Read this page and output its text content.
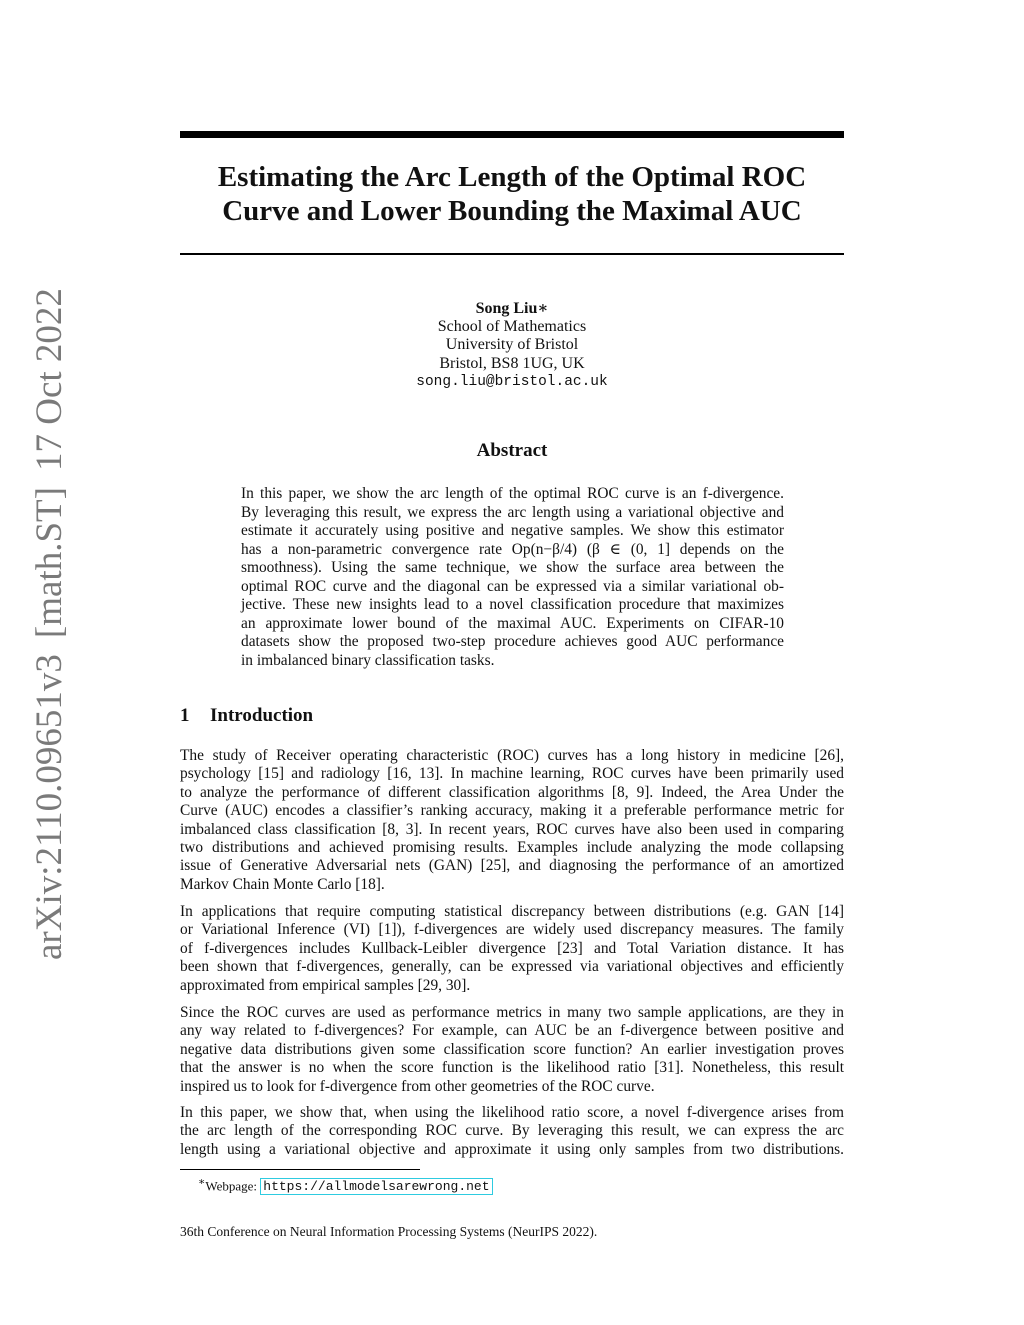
arXiv:2110.09651v3[math.ST]17 Oct 2022
Estimating the Arc Length of the Optimal ROC
Curve and Lower Bounding the Maximal AUC
Song Liu∗
School of Mathematics
University of Bristol
Bristol, BS8 1UG, UK
song.liu@bristol.ac.uk
Abstract
In this paper, we show the arc length of the optimal ROC curve is an f-divergence.
By leveraging this result, we express the arc length using a variational objective and
estimate it accurately using positive and negative samples. We show this estimator
has a non-parametric convergence rate Op(n−β/4) (β ∈ (0, 1] depends on the
smoothness). Using the same technique, we show the surface area between the
optimal ROC curve and the diagonal can be expressed via a similar variational ob-
jective. These new insights lead to a novel classification procedure that maximizes
an approximate lower bound of the maximal AUC. Experiments on CIFAR-10
datasets show the proposed two-step procedure achieves good AUC performance
in imbalanced binary classification tasks.
1 Introduction
The study of Receiver operating characteristic (ROC) curves has a long history in medicine [26],
psychology [15] and radiology [16, 13]. In machine learning, ROC curves have been primarily used
to analyze the performance of different classification algorithms [8, 9]. Indeed, the Area Under the
Curve (AUC) encodes a classifier’s ranking accuracy, making it a preferable performance metric for
imbalanced class classification [8, 3]. In recent years, ROC curves have also been used in comparing
two distributions and achieved promising results. Examples include analyzing the mode collapsing
issue of Generative Adversarial nets (GAN) [25], and diagnosing the performance of an amortized
Markov Chain Monte Carlo [18].
In applications that require computing statistical discrepancy between distributions (e.g. GAN [14]
or Variational Inference (VI) [1]), f-divergences are widely used discrepancy measures. The family
of f-divergences includes Kullback-Leibler divergence [23] and Total Variation distance. It has
been shown that f-divergences, generally, can be expressed via variational objectives and efficiently
approximated from empirical samples [29, 30].
Since the ROC curves are used as performance metrics in many two sample applications, are they in
any way related to f-divergences? For example, can AUC be an f-divergence between positive and
negative data distributions given some classification score function? An earlier investigation proves
that the answer is no when the score function is the likelihood ratio [31]. Nonetheless, this result
inspired us to look for f-divergence from other geometries of the ROC curve.
In this paper, we show that, when using the likelihood ratio score, a novel f-divergence arises from
the arc length of the corresponding ROC curve. By leveraging this result, we can express the arc
length using a variational objective and approximate it using only samples from two distributions.
∗Webpage: https://allmodelsarewrong.net
36th Conference on Neural Information Processing Systems (NeurIPS 2022).
